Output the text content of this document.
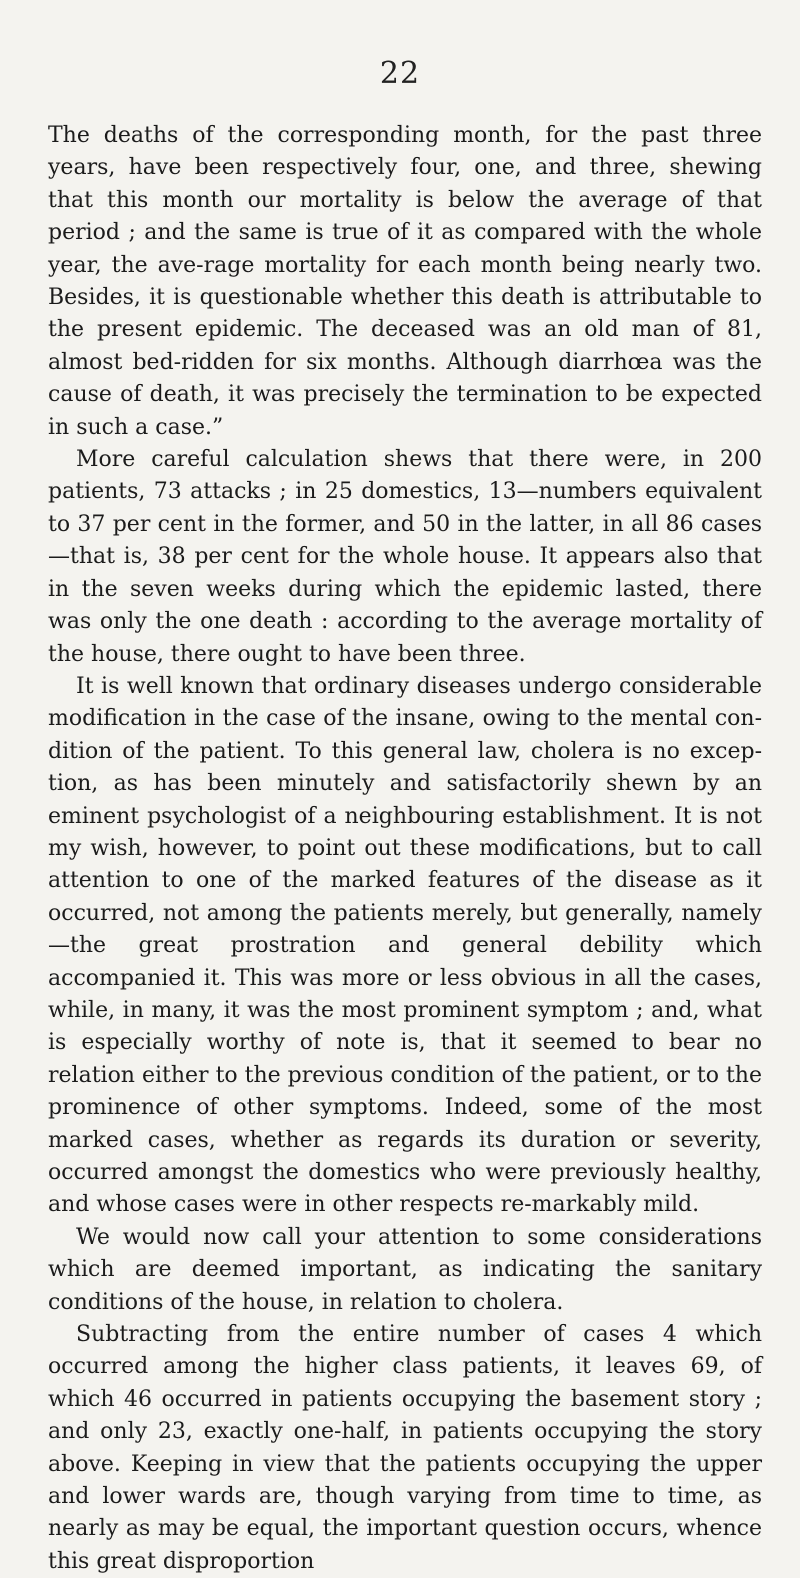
22

The deaths of the corresponding month, for the past three years, have been respectively four, one, and three, shewing that this month our mortality is below the average of that period ; and the same is true of it as compared with the whole year, the ave-rage mortality for each month being nearly two. Besides, it is questionable whether this death is attributable to the present epidemic. The deceased was an old man of 81, almost bed-ridden for six months. Although diarrhœa was the cause of death, it was precisely the termination to be expected in such a case.”

More careful calculation shews that there were, in 200 patients, 73 attacks ; in 25 domestics, 13—numbers equivalent to 37 per cent in the former, and 50 in the latter, in all 86 cases—that is, 38 per cent for the whole house. It appears also that in the seven weeks during which the epidemic lasted, there was only the one death : according to the average mortality of the house, there ought to have been three.

It is well known that ordinary diseases undergo considerable modification in the case of the insane, owing to the mental con-dition of the patient. To this general law, cholera is no excep-tion, as has been minutely and satisfactorily shewn by an eminent psychologist of a neighbouring establishment. It is not my wish, however, to point out these modifications, but to call attention to one of the marked features of the disease as it occurred, not among the patients merely, but generally, namely—the great prostration and general debility which accompanied it. This was more or less obvious in all the cases, while, in many, it was the most prominent symptom ; and, what is especially worthy of note is, that it seemed to bear no relation either to the previous condition of the patient, or to the prominence of other symptoms. Indeed, some of the most marked cases, whether as regards its duration or severity, occurred amongst the domestics who were previously healthy, and whose cases were in other respects re-markably mild.

We would now call your attention to some considerations which are deemed important, as indicating the sanitary conditions of the house, in relation to cholera.

Subtracting from the entire number of cases 4 which occurred among the higher class patients, it leaves 69, of which 46 occurred in patients occupying the basement story ; and only 23, exactly one-half, in patients occupying the story above. Keeping in view that the patients occupying the upper and lower wards are, though varying from time to time, as nearly as may be equal, the important question occurs, whence this great disproportion
